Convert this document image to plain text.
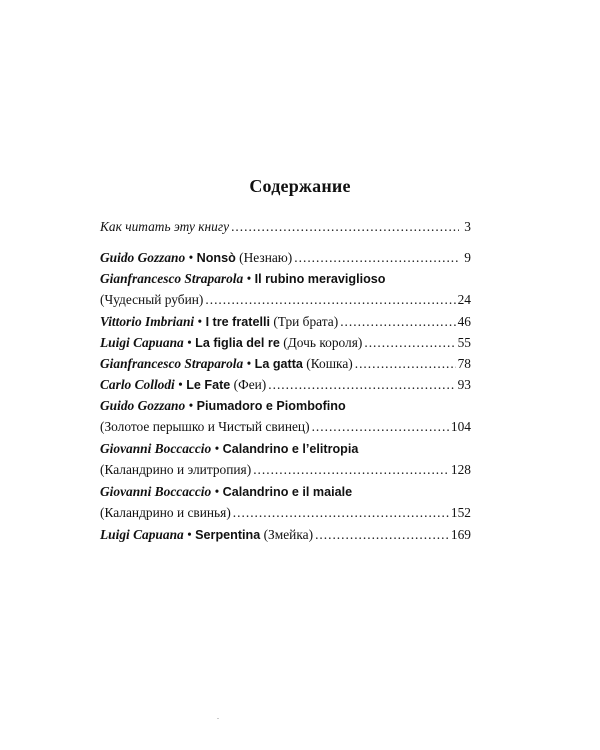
Содержание
Как читать эту книгу .....	3
Guido Gozzano
•
Nonsò
(Незнаю) .....	9
Gianfrancesco Straparola
•
Il rubino meraviglioso
(Чудесный рубин) .....	24
Vittorio Imbriani
•
I tre fratelli
(Три брата) .....	46
Luigi Capuana
•
La figlia del re
(Дочь короля) .....	55
Gianfrancesco Straparola
•
La gatta
(Кошка) .....	78
Carlo Collodi
•
Le Fate
(Феи) .....	93
Guido Gozzano
•
Piumadoro e Piombofino
(Золотое перышко и Чистый свинец) .....	104
Giovanni Boccaccio
•
Calandrino e l’elitropia
(Каландрино и элитропия) .....	128
Giovanni Boccaccio
•
Calandrino e il maiale
(Каландрино и свинья) .....	152
Luigi Capuana
•
Serpentina
(Змейка) .....	169
.
